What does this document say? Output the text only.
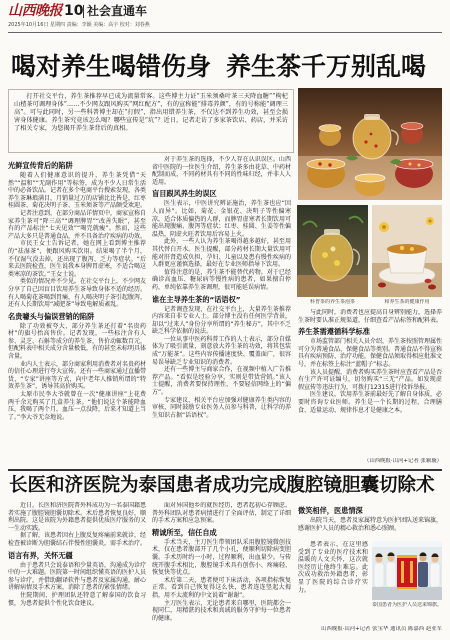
山西晚报 10 社会直通车
2025年10月16日 星期四 责编：李颖 美编：高宇 校对：刘春燕
喝对养生喝错伤身 养生茶千万别乱喝
打开社交平台，养生茶推荐早已成为流量常客。这些博主力证“玉米须桑叶茶三天降血糖”“枸杞山楂茶可调理身体”……不少网友跟风购买“网红配方”，有的宣称能“排毒养颜”，有的号称能“调理三高”。可与此同时，另一些科普博主却在“打假”，指出用错养生茶，不仅达不到养生功效，甚至会损害身体健康。养生茶究竟该怎么喝？哪些宣传是“坑”？近日，记者走访了多家茶饮店、药店，并采访了相关专家，为您揭开养生茶背后的真相。
科普茶的养生茶泡茶	和养生茶的健康作用
光鲜宣传背后的陷阱

随着人们健康意识的提升，养生茶凭借“天然”“温和”“无副作用”等标签，成为不少人日常生活中的必备饮品。记者在多个电商平台搜索发现，各类养生茶琳琅满目，月销量过万的店铺比比皆是，红枣桂圆茶、菊花决明子茶、玉米须茶等产品颇受欢迎。

记者注意到，在部分商品详情页中，商家宣称自家养生茶可“降三高”“调理脾胃”“改善失眠”，甚至有的产品标注“七天见效”“喝完就瘦”。然而，这些产品大多只是普通食品，并不具备治疗疾病的功效。

市民王女士告诉记者，她在网上看到博主推荐的“祛湿茶”，便跟风购买饮用。结果喝了半个月，不仅湿气没去掉，还出现了腹泻、乏力等症状。“后来去医院检查，医生说我本身脾胃虚寒，不适合喝这类寒凉的茶饮。”王女士说。

类似的情况并不少见。在社交平台上，不少网友分享了自己因盲目饮用养生茶导致身体不适的经历。有人喝菊花茶喝到胃痛，有人喝决明子茶引起腹泻，还有人长期饮用“减肥茶”导致电解质紊乱。

名贵噱头与偏误营销的陷阱

除了功效被夸大，部分养生茶还打着“名贵药材”的旗号抬高售价。记者发现，一些标注含有人参、灵芝、石斛等成分的养生茶，售价动辄数百元，但配料表中相关成分含量极低，有的甚至未标明具体含量。

业内人士表示，部分商家利用消费者对名贵药材的信任心理进行夸大宣传。还有一些商家通过直播带货、“专家”讲座等方式，向中老年人推销所谓的“特效养生茶”，诱导其高价购买。

太原市民李大爷就曾在一次“健康讲座”上花费两千余元购买了几盒养生茶。“他们说这个茶能降血压，我喝了两个月，血压一点没降，后来才知道上当了。”李大爷无奈地说。

对于养生茶的选择，不少人存在认识误区。山西省中医院的一位医生介绍，养生茶多由花草、中药材配制而成，不同药材具有不同的性味归经，并非人人适用。

盲目跟风养生的误区

医生表示，中医讲究辨证施治，养生茶也应“因人而异”。比如，菊花、金银花、决明子等性偏寒凉，适合体质偏热的人群，而脾胃虚寒者长期饮用可能出现腹痛、腹泻等症状；红枣、桂圆、生姜等性偏温热，阴虚火旺者饮用后容易上火。

此外，一些人认为养生茶喝得越多越好，甚至用其代替白开水。医生提醒，部分药材长期大量饮用可能对肝肾造成负担，孕妇、儿童以及患有慢性疾病的人群更应谨慎选择，最好在专业医师指导下饮用。

值得注意的是，养生茶不能替代药物。对于已经确诊高血压、糖尿病等慢性病的患者，如果擅自停药，单纯依靠养生茶调理，很可能延误病情。

谁在主导养生茶的“话语权”

记者调查发现，在社交平台上，大量养生茶推荐内容来自非专业人士。部分博主没有任何医学背景，却以“过来人”身份分享所谓的“养生秘方”，其中不乏缺乏科学依据的说法。

一位从事中医药科普工作的人士表示，部分自媒体为了吸引流量，刻意放大养生茶的功效，将其包装成“万能茶”。这些内容传播速度快、覆盖面广，很容易误导缺乏专业知识的消费者。

还有一些博主与商家合作，在视频中植入广告推荐产品。“看似是经验分享，实则是带货营销。”该人士提醒，消费者要保持理性，不要轻信网络上的“偏方”。

专家建议，相关平台应加强对健康养生类内容的审核，同时鼓励专业医务人员参与科普，让科学的养生知识占据“话语权”。

与此同时，消费者也应提高自身辨别能力，选择养生茶时要认准正规渠道，仔细查看产品标签和配料表。

养生茶需遵循科学标准

市场监管部门相关人员介绍，养生茶按照管理属性可分为普通食品、保健食品等类别。普通食品不得宣称具有疾病预防、治疗功能，保健食品须取得相应批准文号，并在标签上标注“蓝帽子”标志。

该人员提醒，消费者购买养生茶时应查看产品是否有生产许可证编号，切勿购买“三无”产品。如发现虚假宣传等违法行为，可拨打12315进行投诉举报。

医生建议，饮用养生茶前最好先了解自身体质，必要时咨询专业医师。养生是一个长期的过程，合理膳食、适量运动、规律作息才是健康之本。

（山西晚报·山河+记者 张颖璇）
长医和济医院为泰国患者成功完成腹腔镜胆囊切除术

近日，长医和济医院普外科成功为一名泰国籍患者实施了腹腔镜胆囊切除术。术后患者恢复良好，顺利出院。这是该院为外籍患者提供优质医疗服务的又一生动实践。

据了解，该患者因右上腹反复疼痛前来就诊，经检查被诊断为胆囊结石伴慢性胆囊炎，需手术治疗。

语言有界，关怀无疆

由于患者只会说泰语和少量英语，沟通成为诊疗中的一大难题。医院第一时间组织懂英语的医护人员参与诊疗，并借助翻译软件与患者及家属沟通，耐心讲解病情及手术方案，消除了患者的紧张情绪。

住院期间，护理团队还特意了解泰国的饮食习惯，为患者提供个性化饮食建议。

面对异国他乡的就医经历，患者起初心存顾虑。普外科团队对患者病情进行了全面评估，制定了详细的手术方案和应急预案。

精诚所至，信任自成

手术当天，主刀医生带领团队采用腹腔镜微创技术，仅在患者腹部开了几个小孔，便顺利切除病变胆囊。手术历时约一小时，过程顺利，出血量少。与传统开腹手术相比，腹腔镜手术具有创伤小、疼痛轻、恢复快等优点。

术后第二天，患者便可下床活动，各项指标恢复正常。看到自己恢复得这么快，患者连连竖起大拇指，用不太流利的中文说着“谢谢”。

主刀医生表示，无论患者来自哪里，医院都会一视同仁，用精湛的技术和真诚的服务守护每一位患者的健康。

微笑相伴，医患情深

出院当天，患者及家属特意为医护团队送来锦旗，感谢医护人员的精心救治和悉心照顾。

患者表示，在这里感受到了专业的医疗技术和温暖的人文关怀，这次就医经历让他终生难忘。此次成功救治外籍患者，彰显了医院的综合诊疗实力。

泰国患者为医护人员送来锦旗。
山西晚报·山河+记者 张宝华 通讯员 陈嘉西 赵亚军
